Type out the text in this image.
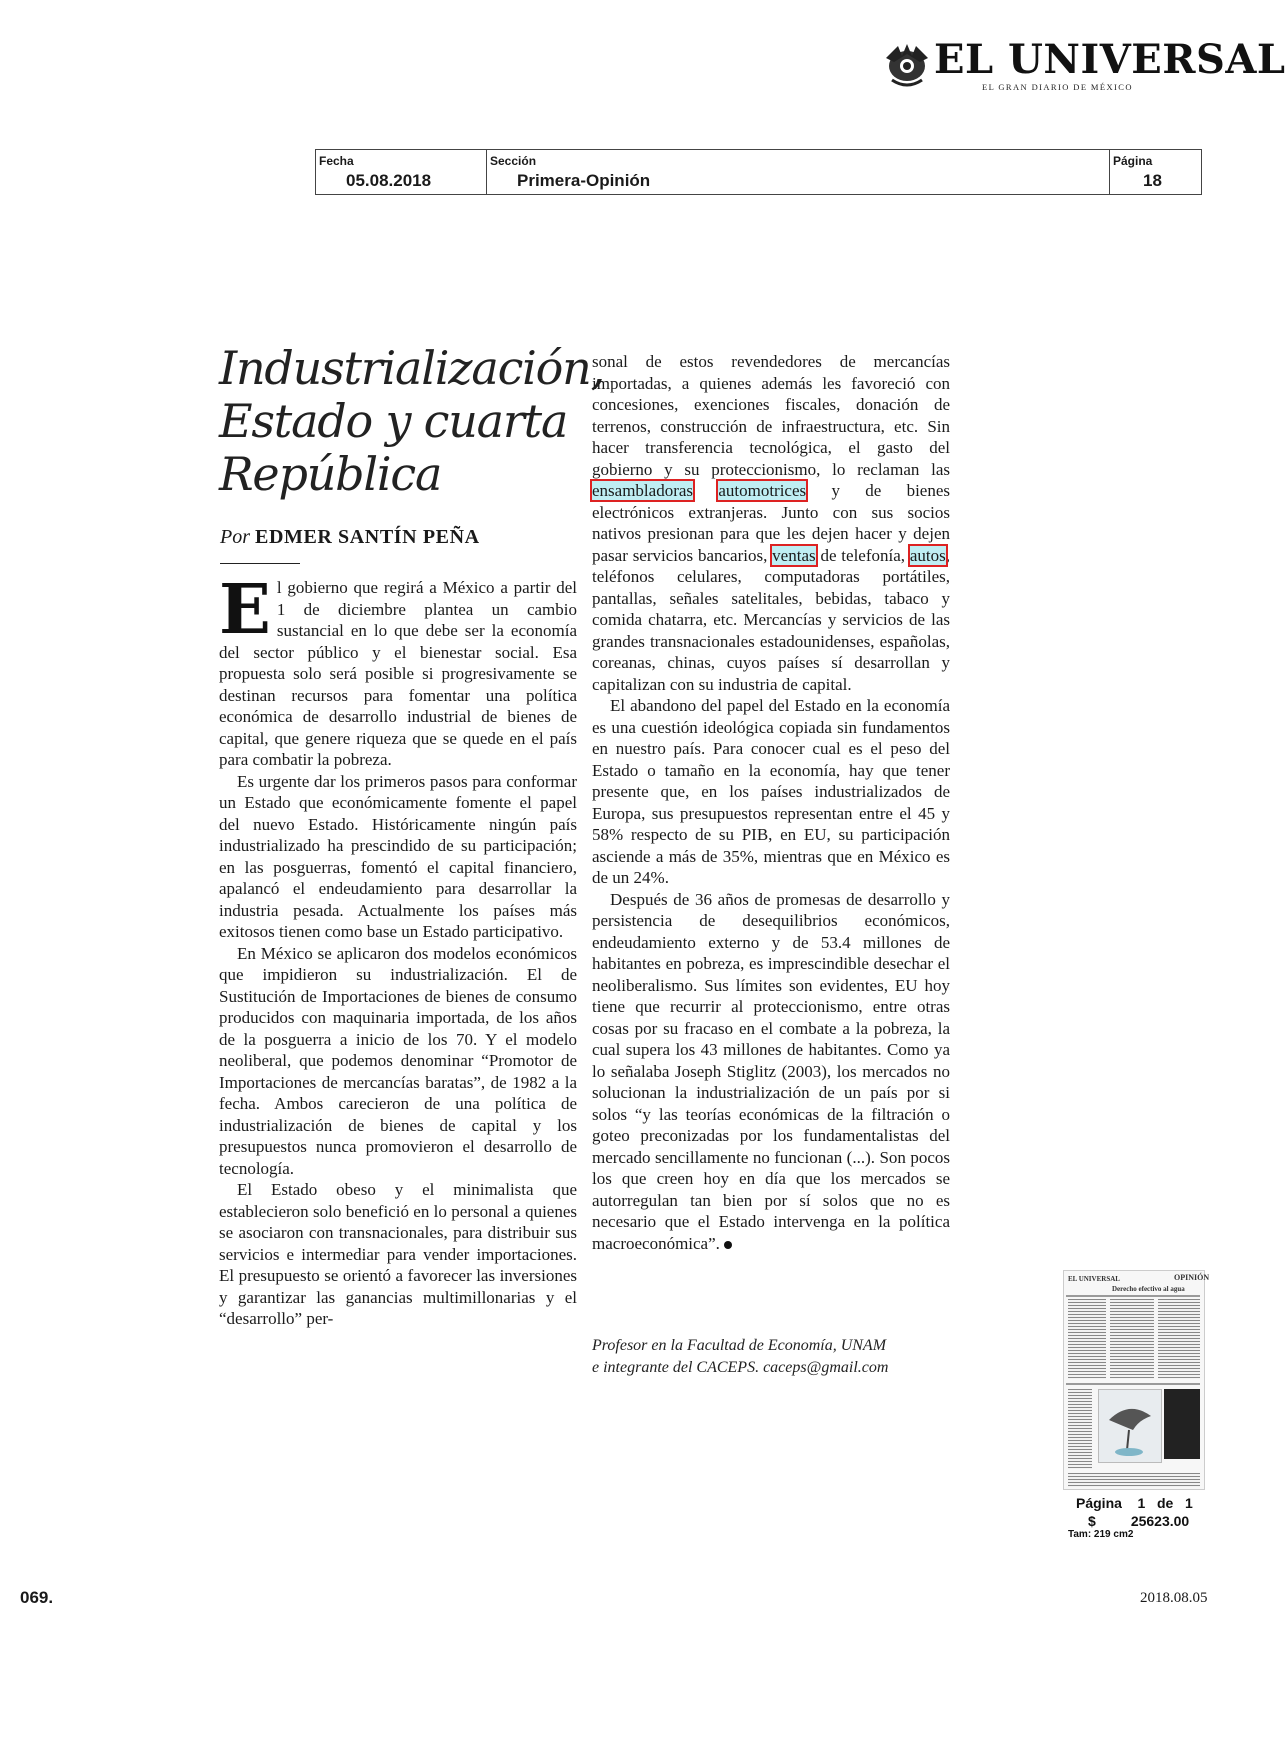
EL UNIVERSAL
EL GRAN DIARIO DE MÉXICO
Fecha
05.08.2018
Sección
Primera-Opinión
Página
18
Industrialización, Estado y cuarta República
Por EDMER SANTÍN PEÑA

El gobierno que regirá a México a partir del 1 de diciembre plantea un cambio sustancial en lo que debe ser la economía del sector público y el bienestar social. Esa propuesta solo será posible si progresivamente se destinan recursos para fomentar una política económica de desarrollo industrial de bienes de capital, que genere riqueza que se quede en el país para combatir la pobreza.

Es urgente dar los primeros pasos para conformar un Estado que económicamente fomente el papel del nuevo Estado. Históricamente ningún país industrializado ha prescindido de su participación; en las posguerras, fomentó el capital financiero, apalancó el endeudamiento para desarrollar la industria pesada. Actualmente los países más exitosos tienen como base un Estado participativo.

En México se aplicaron dos modelos económicos que impidieron su industrialización. El de Sustitución de Importaciones de bienes de consumo producidos con maquinaria importada, de los años de la posguerra a inicio de los 70. Y el modelo neoliberal, que podemos denominar “Promotor de Importaciones de mercancías baratas”, de 1982 a la fecha. Ambos carecieron de una política de industrialización de bienes de capital y los presupuestos nunca promovieron el desarrollo de tecnología.

El Estado obeso y el minimalista que establecieron solo benefició en lo personal a quienes se asociaron con transnacionales, para distribuir sus servicios e intermediar para vender importaciones. El presupuesto se orientó a favorecer las inversiones y garantizar las ganancias multimillonarias y el “desarrollo” per-

sonal de estos revendedores de mercancías importadas, a quienes además les favoreció con concesiones, exenciones fiscales, donación de terrenos, construcción de infraestructura, etc. Sin hacer transferencia tecnológica, el gasto del gobierno y su proteccionismo, lo reclaman las ensambladoras automotrices y de bienes electrónicos extranjeras. Junto con sus socios nativos presionan para que les dejen hacer y dejen pasar servicios bancarios, ventas de telefonía, autos, teléfonos celulares, computadoras portátiles, pantallas, señales satelitales, bebidas, tabaco y comida chatarra, etc. Mercancías y servicios de las grandes transnacionales estadounidenses, españolas, coreanas, chinas, cuyos países sí desarrollan y capitalizan con su industria de capital.

El abandono del papel del Estado en la economía es una cuestión ideológica copiada sin fundamentos en nuestro país. Para conocer cual es el peso del Estado o tamaño en la economía, hay que tener presente que, en los países industrializados de Europa, sus presupuestos representan entre el 45 y 58% respecto de su PIB, en EU, su participación asciende a más de 35%, mientras que en México es de un 24%.

Después de 36 años de promesas de desarrollo y persistencia de desequilibrios económicos, endeudamiento externo y de 53.4 millones de habitantes en pobreza, es imprescindible desechar el neoliberalismo. Sus límites son evidentes, EU hoy tiene que recurrir al proteccionismo, entre otras cosas por su fracaso en el combate a la pobreza, la cual supera los 43 millones de habitantes. Como ya lo señalaba Joseph Stiglitz (2003), los mercados no solucionan la industrialización de un país por si solos “y las teorías económicas de la filtración o goteo preconizadas por los fundamentalistas del mercado sencillamente no funcionan (...). Son pocos los que creen hoy en día que los mercados se autorregulan tan bien por sí solos que no es necesario que el Estado intervenga en la política macroeconómica”.

Profesor en la Facultad de Economía, UNAM
e integrante del CACEPS. caceps@gmail.com
EL UNIVERSAL	OPINIÓN
Derecho efectivo al agua
Página 1 de 1
$	25623.00
Tam: 219 cm2
069.	2018.08.05
